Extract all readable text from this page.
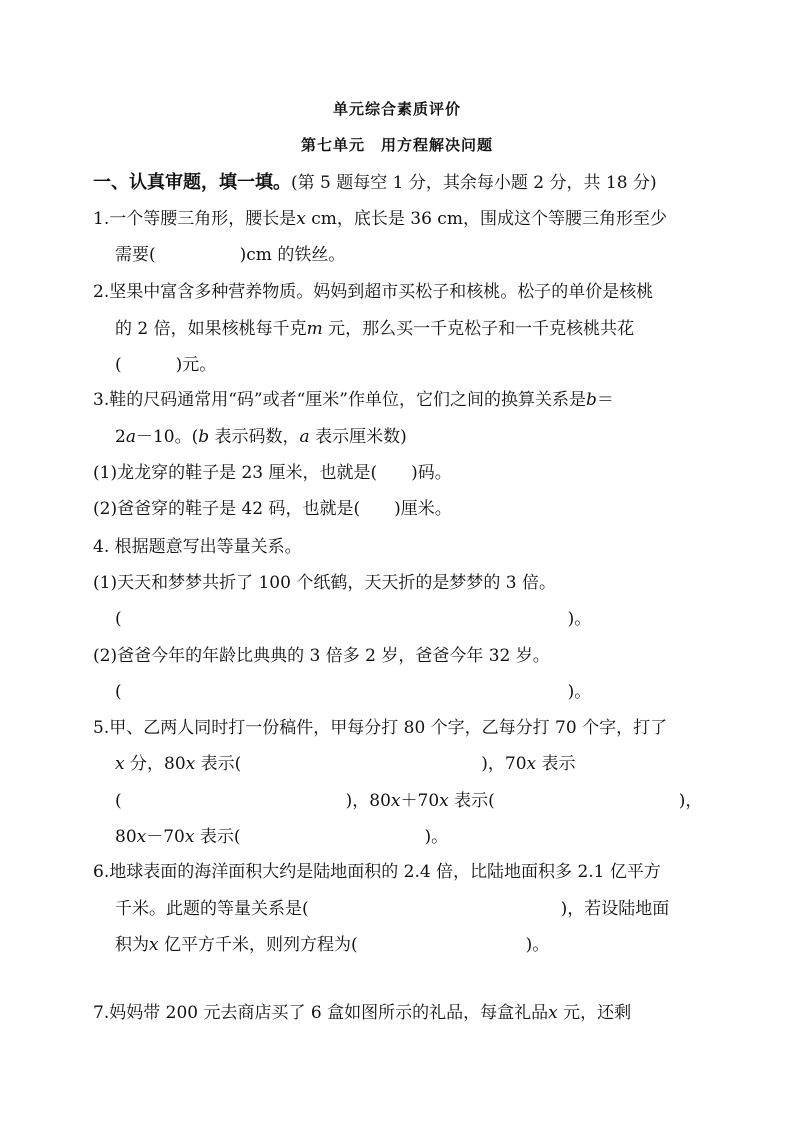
单元综合素质评价
第七单元 用方程解决问题
一、认真审题，填一填。(第 5 题每空 1 分，其余每小题 2 分，共 18 分)
1.一个等腰三角形，腰长是x cm，底长是 36 cm，围成这个等腰三角形至少
需要(	)cm 的铁丝。
2.坚果中富含多种营养物质。妈妈到超市买松子和核桃。松子的单价是核桃
的 2 倍，如果核桃每千克m 元，那么买一千克松子和一千克核桃共花
(	)元。
3.鞋的尺码通常用“码”或者“厘米”作单位，它们之间的换算关系是b＝
2a－10。(b 表示码数，a 表示厘米数)
(1)龙龙穿的鞋子是 23 厘米，也就是( )码。
(2)爸爸穿的鞋子是 42 码，也就是( )厘米。
4. 根据题意写出等量关系。
(1)天天和梦梦共折了 100 个纸鹤，天天折的是梦梦的 3 倍。
(	)。
(2)爸爸今年的年龄比典典的 3 倍多 2 岁，爸爸今年 32 岁。
(	)。
5.甲、乙两人同时打一份稿件，甲每分打 80 个字，乙每分打 70 个字，打了
x 分，80x 表示(	)，70x 表示
(	)，80x＋70x 表示(	)，
80x－70x 表示(	)。
6.地球表面的海洋面积大约是陆地面积的 2.4 倍，比陆地面积多 2.1 亿平方
千米。此题的等量关系是(	)，若设陆地面
积为x 亿平方千米，则列方程为(	)。
7.妈妈带 200 元去商店买了 6 盒如图所示的礼品，每盒礼品x 元，还剩
